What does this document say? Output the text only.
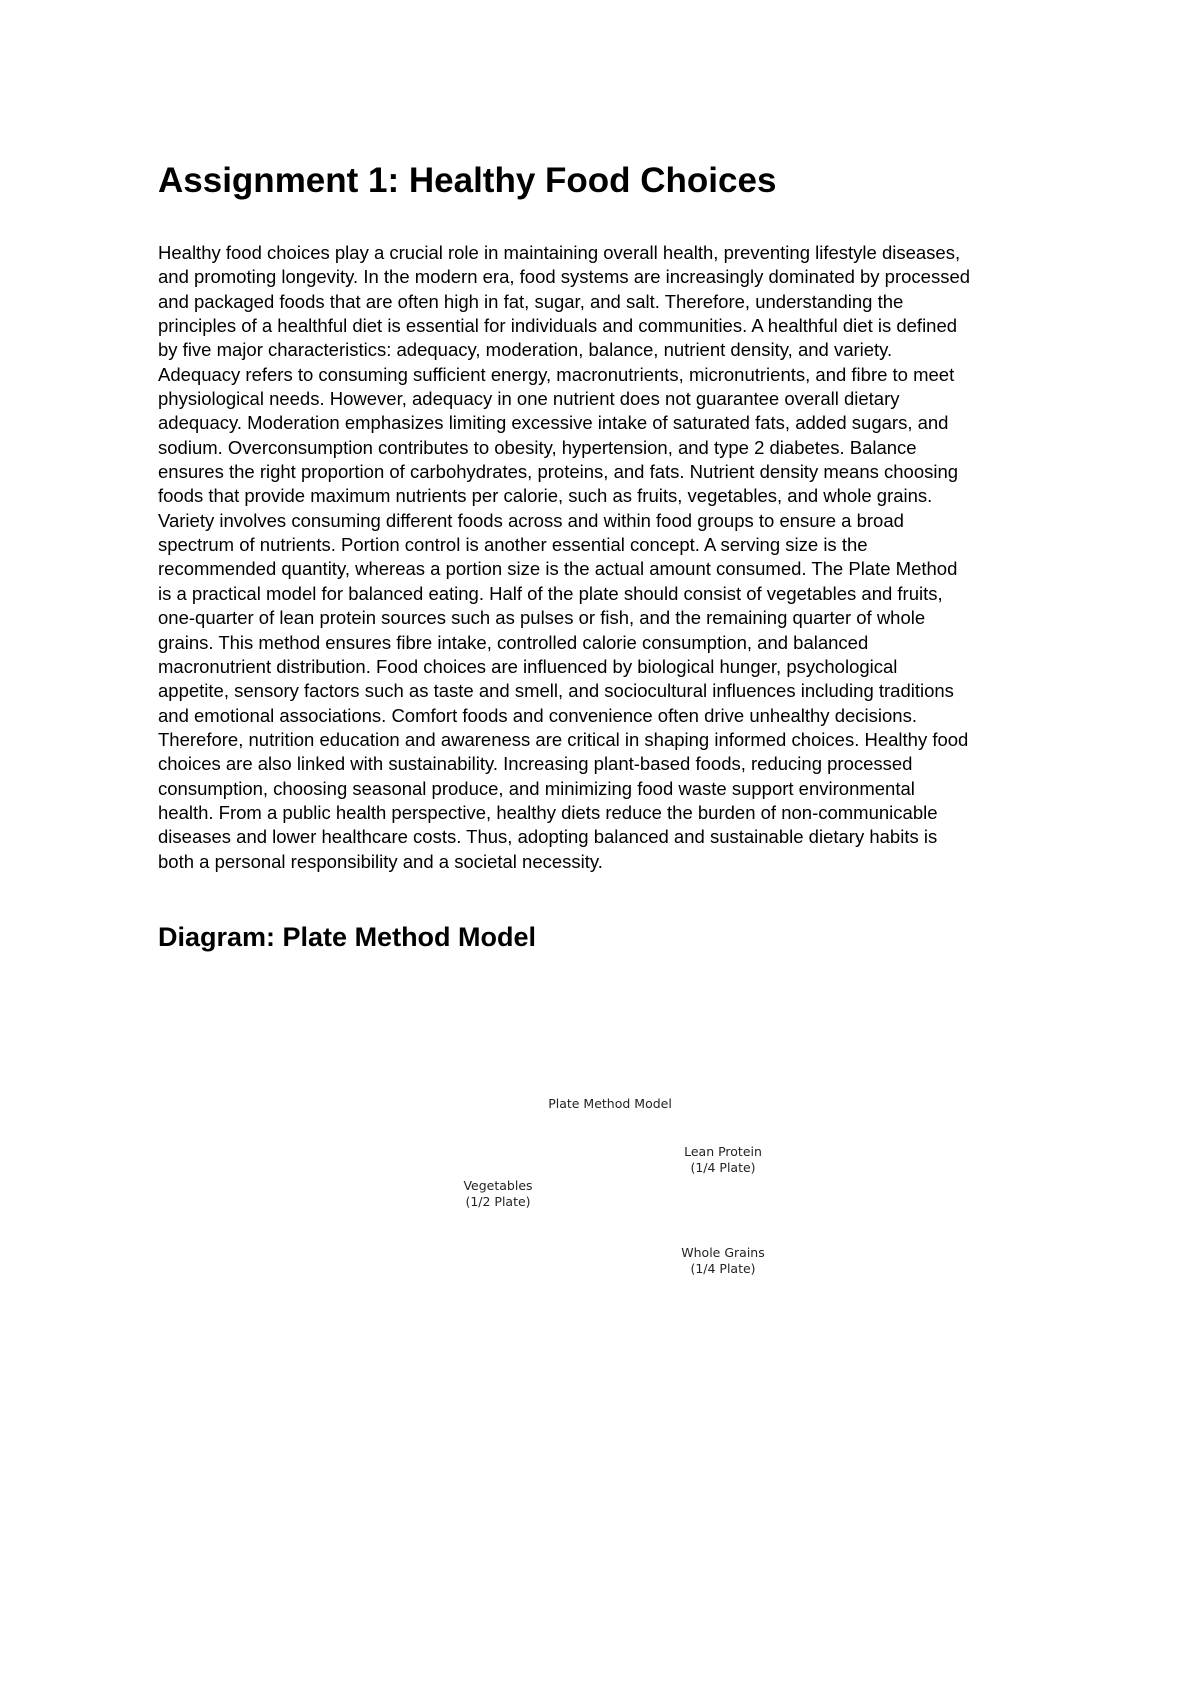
Assignment 1: Healthy Food Choices

Healthy food choices play a crucial role in maintaining overall health, preventing lifestyle diseases,
and promoting longevity. In the modern era, food systems are increasingly dominated by processed
and packaged foods that are often high in fat, sugar, and salt. Therefore, understanding the
principles of a healthful diet is essential for individuals and communities. A healthful diet is defined
by five major characteristics: adequacy, moderation, balance, nutrient density, and variety.
Adequacy refers to consuming sufficient energy, macronutrients, micronutrients, and fibre to meet
physiological needs. However, adequacy in one nutrient does not guarantee overall dietary
adequacy. Moderation emphasizes limiting excessive intake of saturated fats, added sugars, and
sodium. Overconsumption contributes to obesity, hypertension, and type 2 diabetes. Balance
ensures the right proportion of carbohydrates, proteins, and fats. Nutrient density means choosing
foods that provide maximum nutrients per calorie, such as fruits, vegetables, and whole grains.
Variety involves consuming different foods across and within food groups to ensure a broad
spectrum of nutrients. Portion control is another essential concept. A serving size is the
recommended quantity, whereas a portion size is the actual amount consumed. The Plate Method
is a practical model for balanced eating. Half of the plate should consist of vegetables and fruits,
one-quarter of lean protein sources such as pulses or fish, and the remaining quarter of whole
grains. This method ensures fibre intake, controlled calorie consumption, and balanced
macronutrient distribution. Food choices are influenced by biological hunger, psychological
appetite, sensory factors such as taste and smell, and sociocultural influences including traditions
and emotional associations. Comfort foods and convenience often drive unhealthy decisions.
Therefore, nutrition education and awareness are critical in shaping informed choices. Healthy food
choices are also linked with sustainability. Increasing plant-based foods, reducing processed
consumption, choosing seasonal produce, and minimizing food waste support environmental
health. From a public health perspective, healthy diets reduce the burden of non-communicable
diseases and lower healthcare costs. Thus, adopting balanced and sustainable dietary habits is
both a personal responsibility and a societal necessity.

Diagram: Plate Method Model
Plate Method Model
Vegetables
(1/2 Plate)
Lean Protein
(1/4 Plate)
Whole Grains
(1/4 Plate)
